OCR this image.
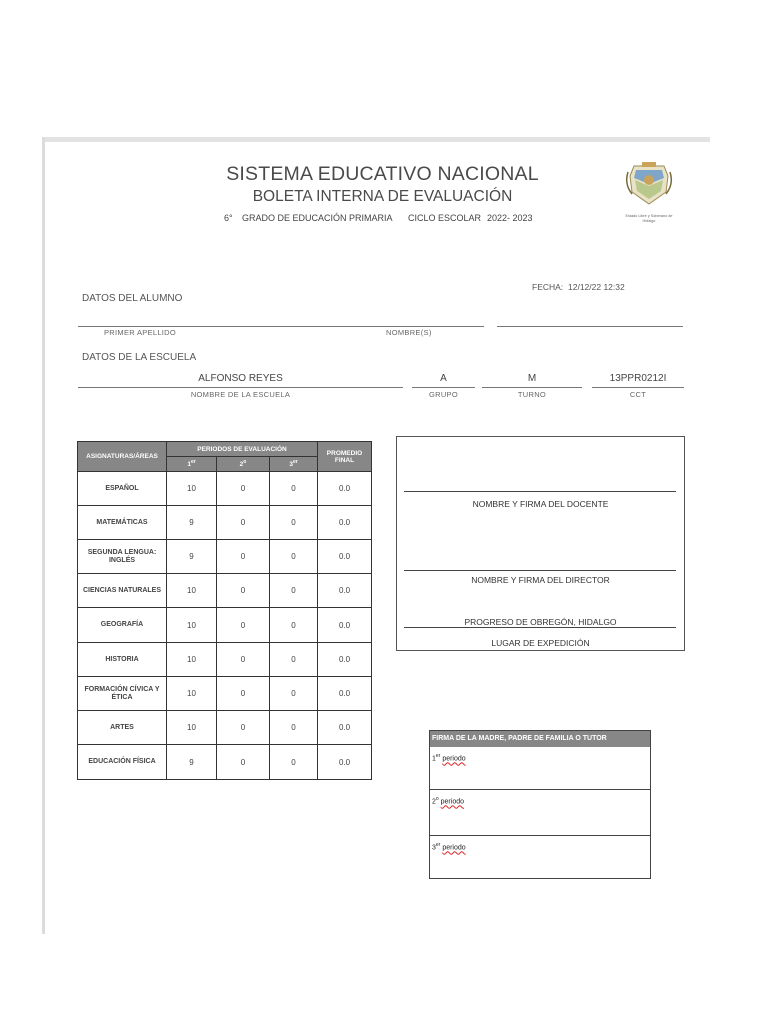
SISTEMA EDUCATIVO NACIONAL
BOLETA INTERNA DE EVALUACIÓN
6° GRADO DE EDUCACIÓN PRIMARIA CICLO ESCOLAR 2022- 2023	Estado Libre y Soberano de Hidalgo
DATOS DEL ALUMNO
FECHA: 12/12/22 12:32
PRIMER APELLIDO	NOMBRE(S)
DATOS DE LA ESCUELA
ALFONSO REYES	A	M	13PPR0212I
NOMBRE DE LA ESCUELA	GRUPO	TURNO	CCT
ASIGNATURAS/ÁREAS	PERIODOS DE EVALUACIÓN			PROMEDIO
FINAL
	1er	2$^o$	3er
ESPAÑOL	10	0	0	0.0
MATEMÁTICAS	9	0	0	0.0
SEGUNDA LENGUA: INGLÉS	9	0	0	0.0
CIENCIAS NATURALES	10	0	0	0.0
GEOGRAFÍA	10	0	0	0.0
HISTORIA	10	0	0	0.0
FORMACIÓN CÍVICA Y ÉTICA	10	0	0	0.0
ARTES	10	0	0	0.0
EDUCACIÓN FÍSICA	9	0	0	0.0
NOMBRE Y FIRMA DEL DOCENTE
NOMBRE Y FIRMA DEL DIRECTOR
PROGRESO DE OBREGÓN, HIDALGO
LUGAR DE EXPEDICIÓN
FIRMA DE LA MADRE, PADRE DE FAMILIA O TUTOR
1er periodo
2$^o$ periodo
3er periodo
